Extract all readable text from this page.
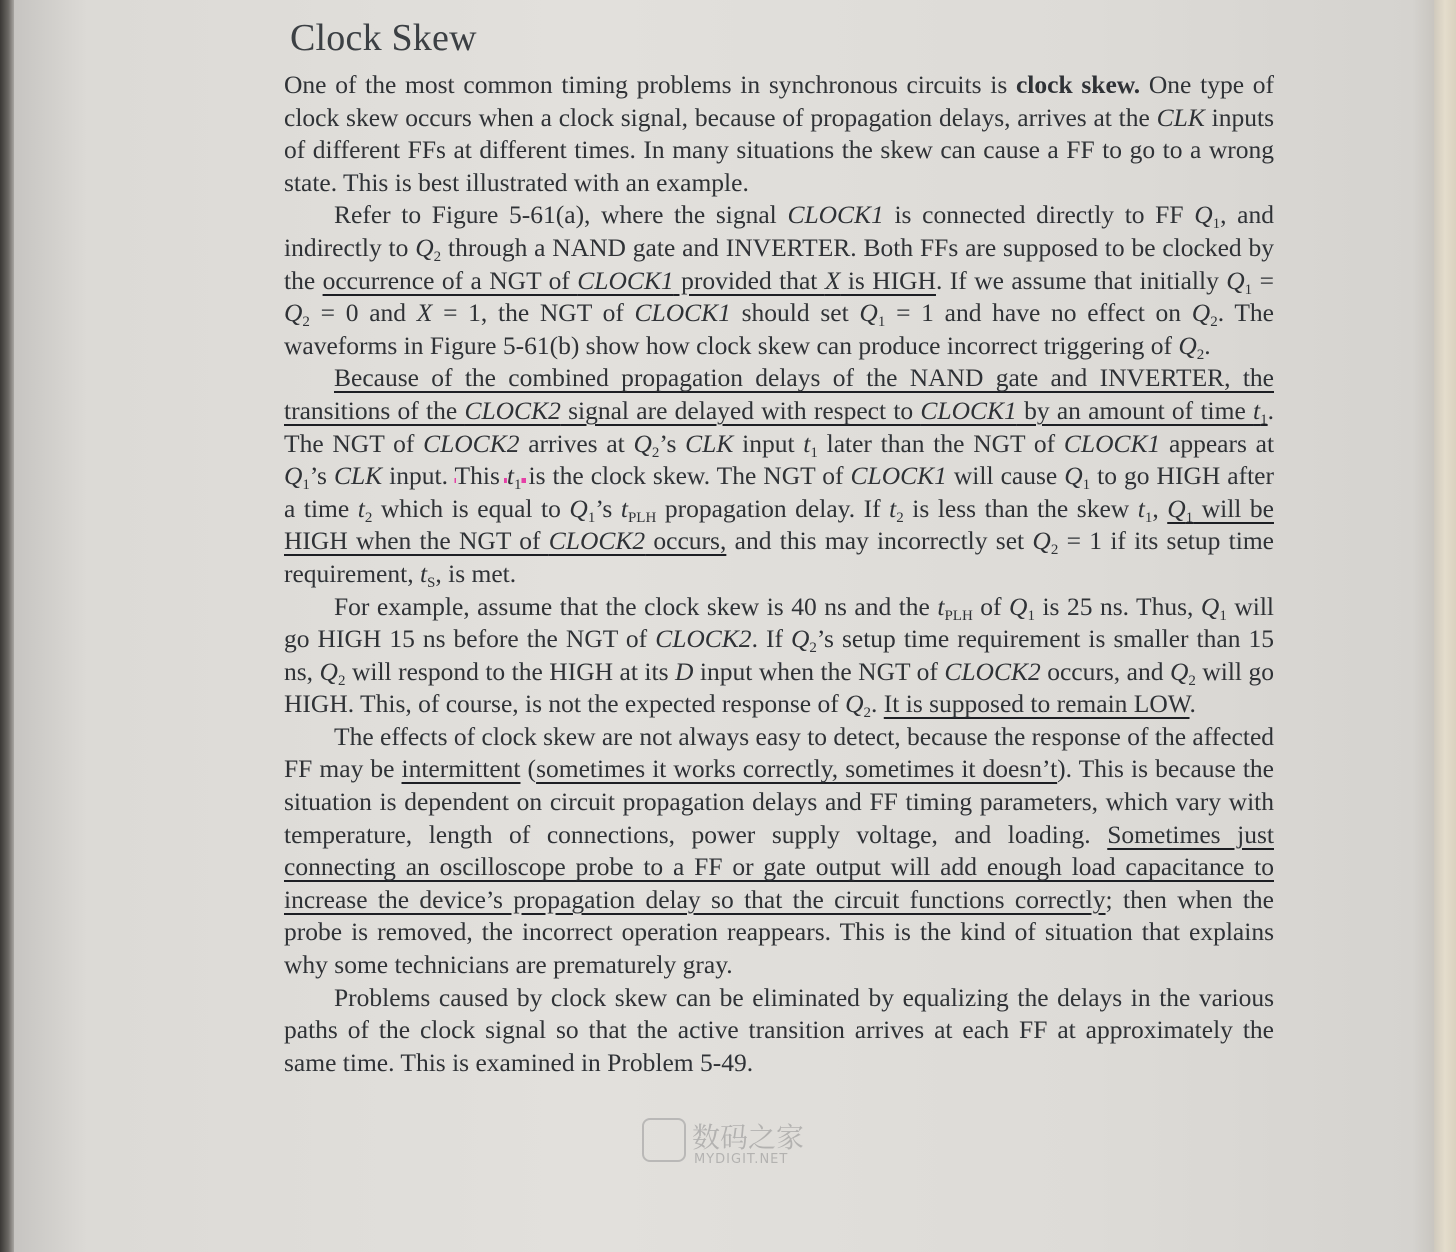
Clock Skew

One of the most common timing problems in synchronous circuits is clock skew. One type of clock skew occurs when a clock signal, because of propagation delays, arrives at the CLK inputs of different FFs at different times. In many situations the skew can cause a FF to go to a wrong state. This is best illustrated with an example.

Refer to Figure 5-61(a), where the signal CLOCK1 is connected directly to FF $Q_1$, and indirectly to $Q_2$ through a NAND gate and INVERTER. Both FFs are supposed to be clocked by the occurrence of a NGT of CLOCK1 provided that X is HIGH. If we assume that initially $Q_1 = Q_2 = 0$ and X = 1, the NGT of CLOCK1 should set $Q_1 = 1$ and have no effect on $Q_2$. The waveforms in Figure 5-61(b) show how clock skew can produce incorrect triggering of $Q_2$.

Because of the combined propagation delays of the NAND gate and INVERTER, the transitions of the CLOCK2 signal are delayed with respect to CLOCK1 by an amount of time $t_1$. The NGT of CLOCK2 arrives at $Q_2’s$ CLK input $t_1$ later than the NGT of CLOCK1 appears at $Q_1’s$ CLK input. This $t_1$ is the clock skew. The NGT of CLOCK1 will cause $Q_1$ to go HIGH after a time $t_2$ which is equal to $Q_1’s$ $t_{PLH}$ propagation delay. If $t_2$ is less than the skew $t_1$, $Q_1$ will be HIGH when the NGT of CLOCK2 occurs, and this may incorrectly set $Q_2 = 1$ if its setup time requirement, $t_S$, is met.

For example, assume that the clock skew is 40 ns and the $t_{PLH}$ of $Q_1$ is 25 ns. Thus, $Q_1$ will go HIGH 15 ns before the NGT of CLOCK2. If $Q_2’s$ setup time requirement is smaller than 15 ns, $Q_2$ will respond to the HIGH at its D input when the NGT of CLOCK2 occurs, and $Q_2$ will go HIGH. This, of course, is not the expected response of $Q_2$. It is supposed to remain LOW.

The effects of clock skew are not always easy to detect, because the response of the affected FF may be intermittent (sometimes it works correctly, sometimes it doesn’t). This is because the situation is dependent on circuit propagation delays and FF timing parameters, which vary with temperature, length of connections, power supply voltage, and loading. Sometimes just connecting an oscilloscope probe to a FF or gate output will add enough load capacitance to increase the device’s propagation delay so that the circuit functions correctly; then when the probe is removed, the incorrect operation reappears. This is the kind of situation that explains why some technicians are prematurely gray.

Problems caused by clock skew can be eliminated by equalizing the delays in the various paths of the clock signal so that the active transition arrives at each FF at approximately the same time. This is examined in Problem 5-49.

数码之家
MYDIGIT.NET
